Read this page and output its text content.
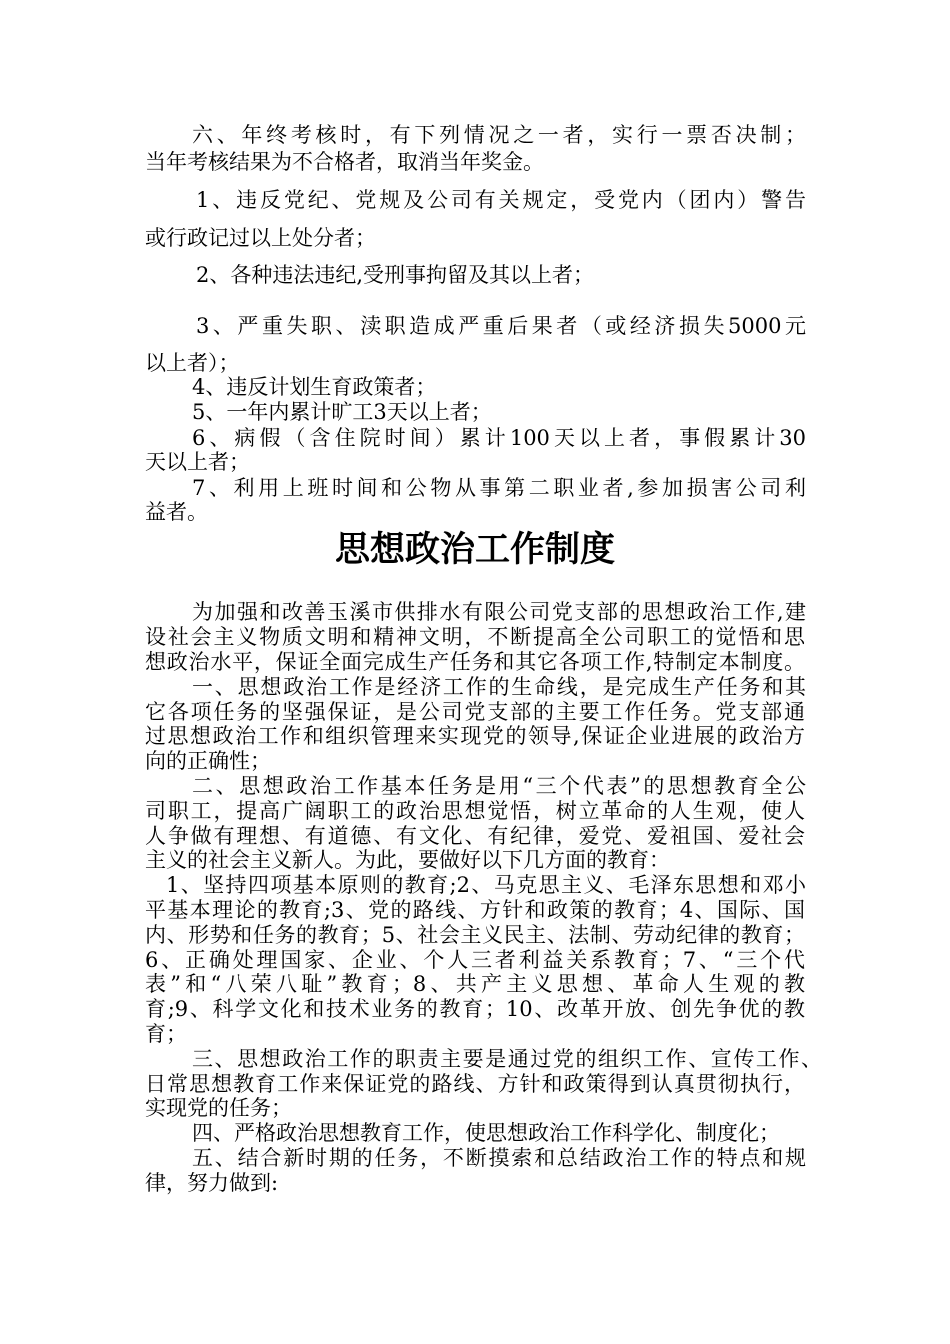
六、年终考核时，有下列情况之一者，实行一票否决制；
当年考核结果为不合格者，取消当年奖金。
1、违反党纪、党规及公司有关规定，受党内（团内）警告
或行政记过以上处分者；
2、各种违法违纪,受刑事拘留及其以上者；
3、严重失职、渎职造成严重后果者（或经济损失5000元
以上者）；
4、违反计划生育政策者；
5、一年内累计旷工3天以上者；
6、病假（含住院时间）累计100天以上者，事假累计30
天以上者；
7、利用上班时间和公物从事第二职业者,参加损害公司利
益者。
思想政治工作制度
为加强和改善玉溪市供排水有限公司党支部的思想政治工作,建
设社会主义物质文明和精神文明，不断提高全公司职工的觉悟和思
想政治水平，保证全面完成生产任务和其它各项工作,特制定本制度。
一、思想政治工作是经济工作的生命线，是完成生产任务和其
它各项任务的坚强保证，是公司党支部的主要工作任务。党支部通
过思想政治工作和组织管理来实现党的领导,保证企业进展的政治方
向的正确性；
二、思想政治工作基本任务是用“三个代表”的思想教育全公
司职工，提高广阔职工的政治思想觉悟，树立革命的人生观，使人
人争做有理想、有道德、有文化、有纪律，爱党、爱祖国、爱社会
主义的社会主义新人。为此，要做好以下几方面的教育：
1、坚持四项基本原则的教育;2、马克思主义、毛泽东思想和邓小
平基本理论的教育;3、党的路线、方针和政策的教育；4、国际、国
内、形势和任务的教育；5、社会主义民主、法制、劳动纪律的教育；
6、正确处理国家、企业、个人三者利益关系教育；7、“三个代
表”和“八荣八耻”教育；8、共产主义思想、革命人生观的教
育;9、科学文化和技术业务的教育；10、改革开放、创先争优的教
育；
三、思想政治工作的职责主要是通过党的组织工作、宣传工作、
日常思想教育工作来保证党的路线、方针和政策得到认真贯彻执行，
实现党的任务；
四、严格政治思想教育工作，使思想政治工作科学化、制度化；
五、结合新时期的任务，不断摸索和总结政治工作的特点和规
律，努力做到:
